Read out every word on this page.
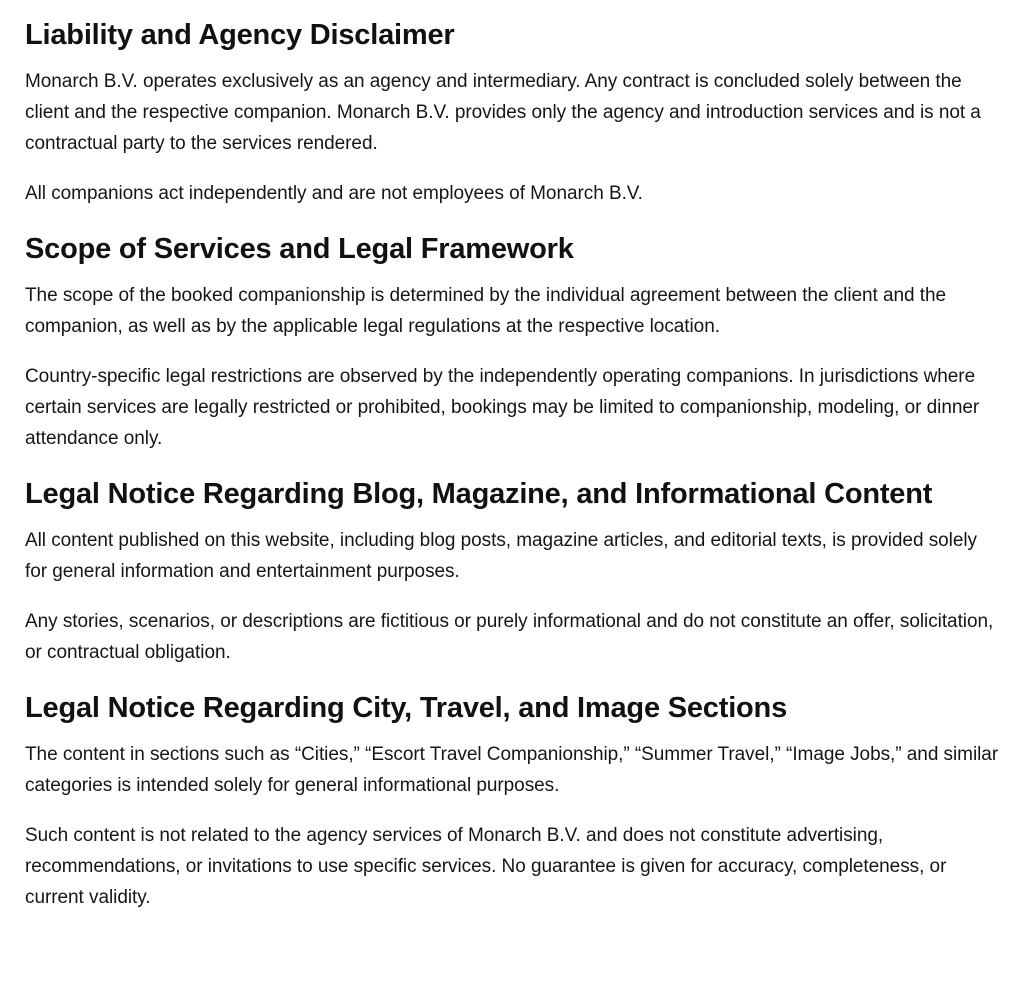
Liability and Agency Disclaimer

Monarch B.V. operates exclusively as an agency and intermediary. Any contract is concluded solely between the client and the respective companion. Monarch B.V. provides only the agency and introduction services and is not a contractual party to the services rendered.

All companions act independently and are not employees of Monarch B.V.

Scope of Services and Legal Framework

The scope of the booked companionship is determined by the individual agreement between the client and the companion, as well as by the applicable legal regulations at the respective location.

Country-specific legal restrictions are observed by the independently operating companions. In jurisdictions where certain services are legally restricted or prohibited, bookings may be limited to companionship, modeling, or dinner attendance only.

Legal Notice Regarding Blog, Magazine, and Informational Content

All content published on this website, including blog posts, magazine articles, and editorial texts, is provided solely for general information and entertainment purposes.

Any stories, scenarios, or descriptions are fictitious or purely informational and do not constitute an offer, solicitation, or contractual obligation.

Legal Notice Regarding City, Travel, and Image Sections

The content in sections such as “Cities,” “Escort Travel Companionship,” “Summer Travel,” “Image Jobs,” and similar categories is intended solely for general informational purposes.

Such content is not related to the agency services of Monarch B.V. and does not constitute advertising, recommendations, or invitations to use specific services. No guarantee is given for accuracy, completeness, or current validity.
